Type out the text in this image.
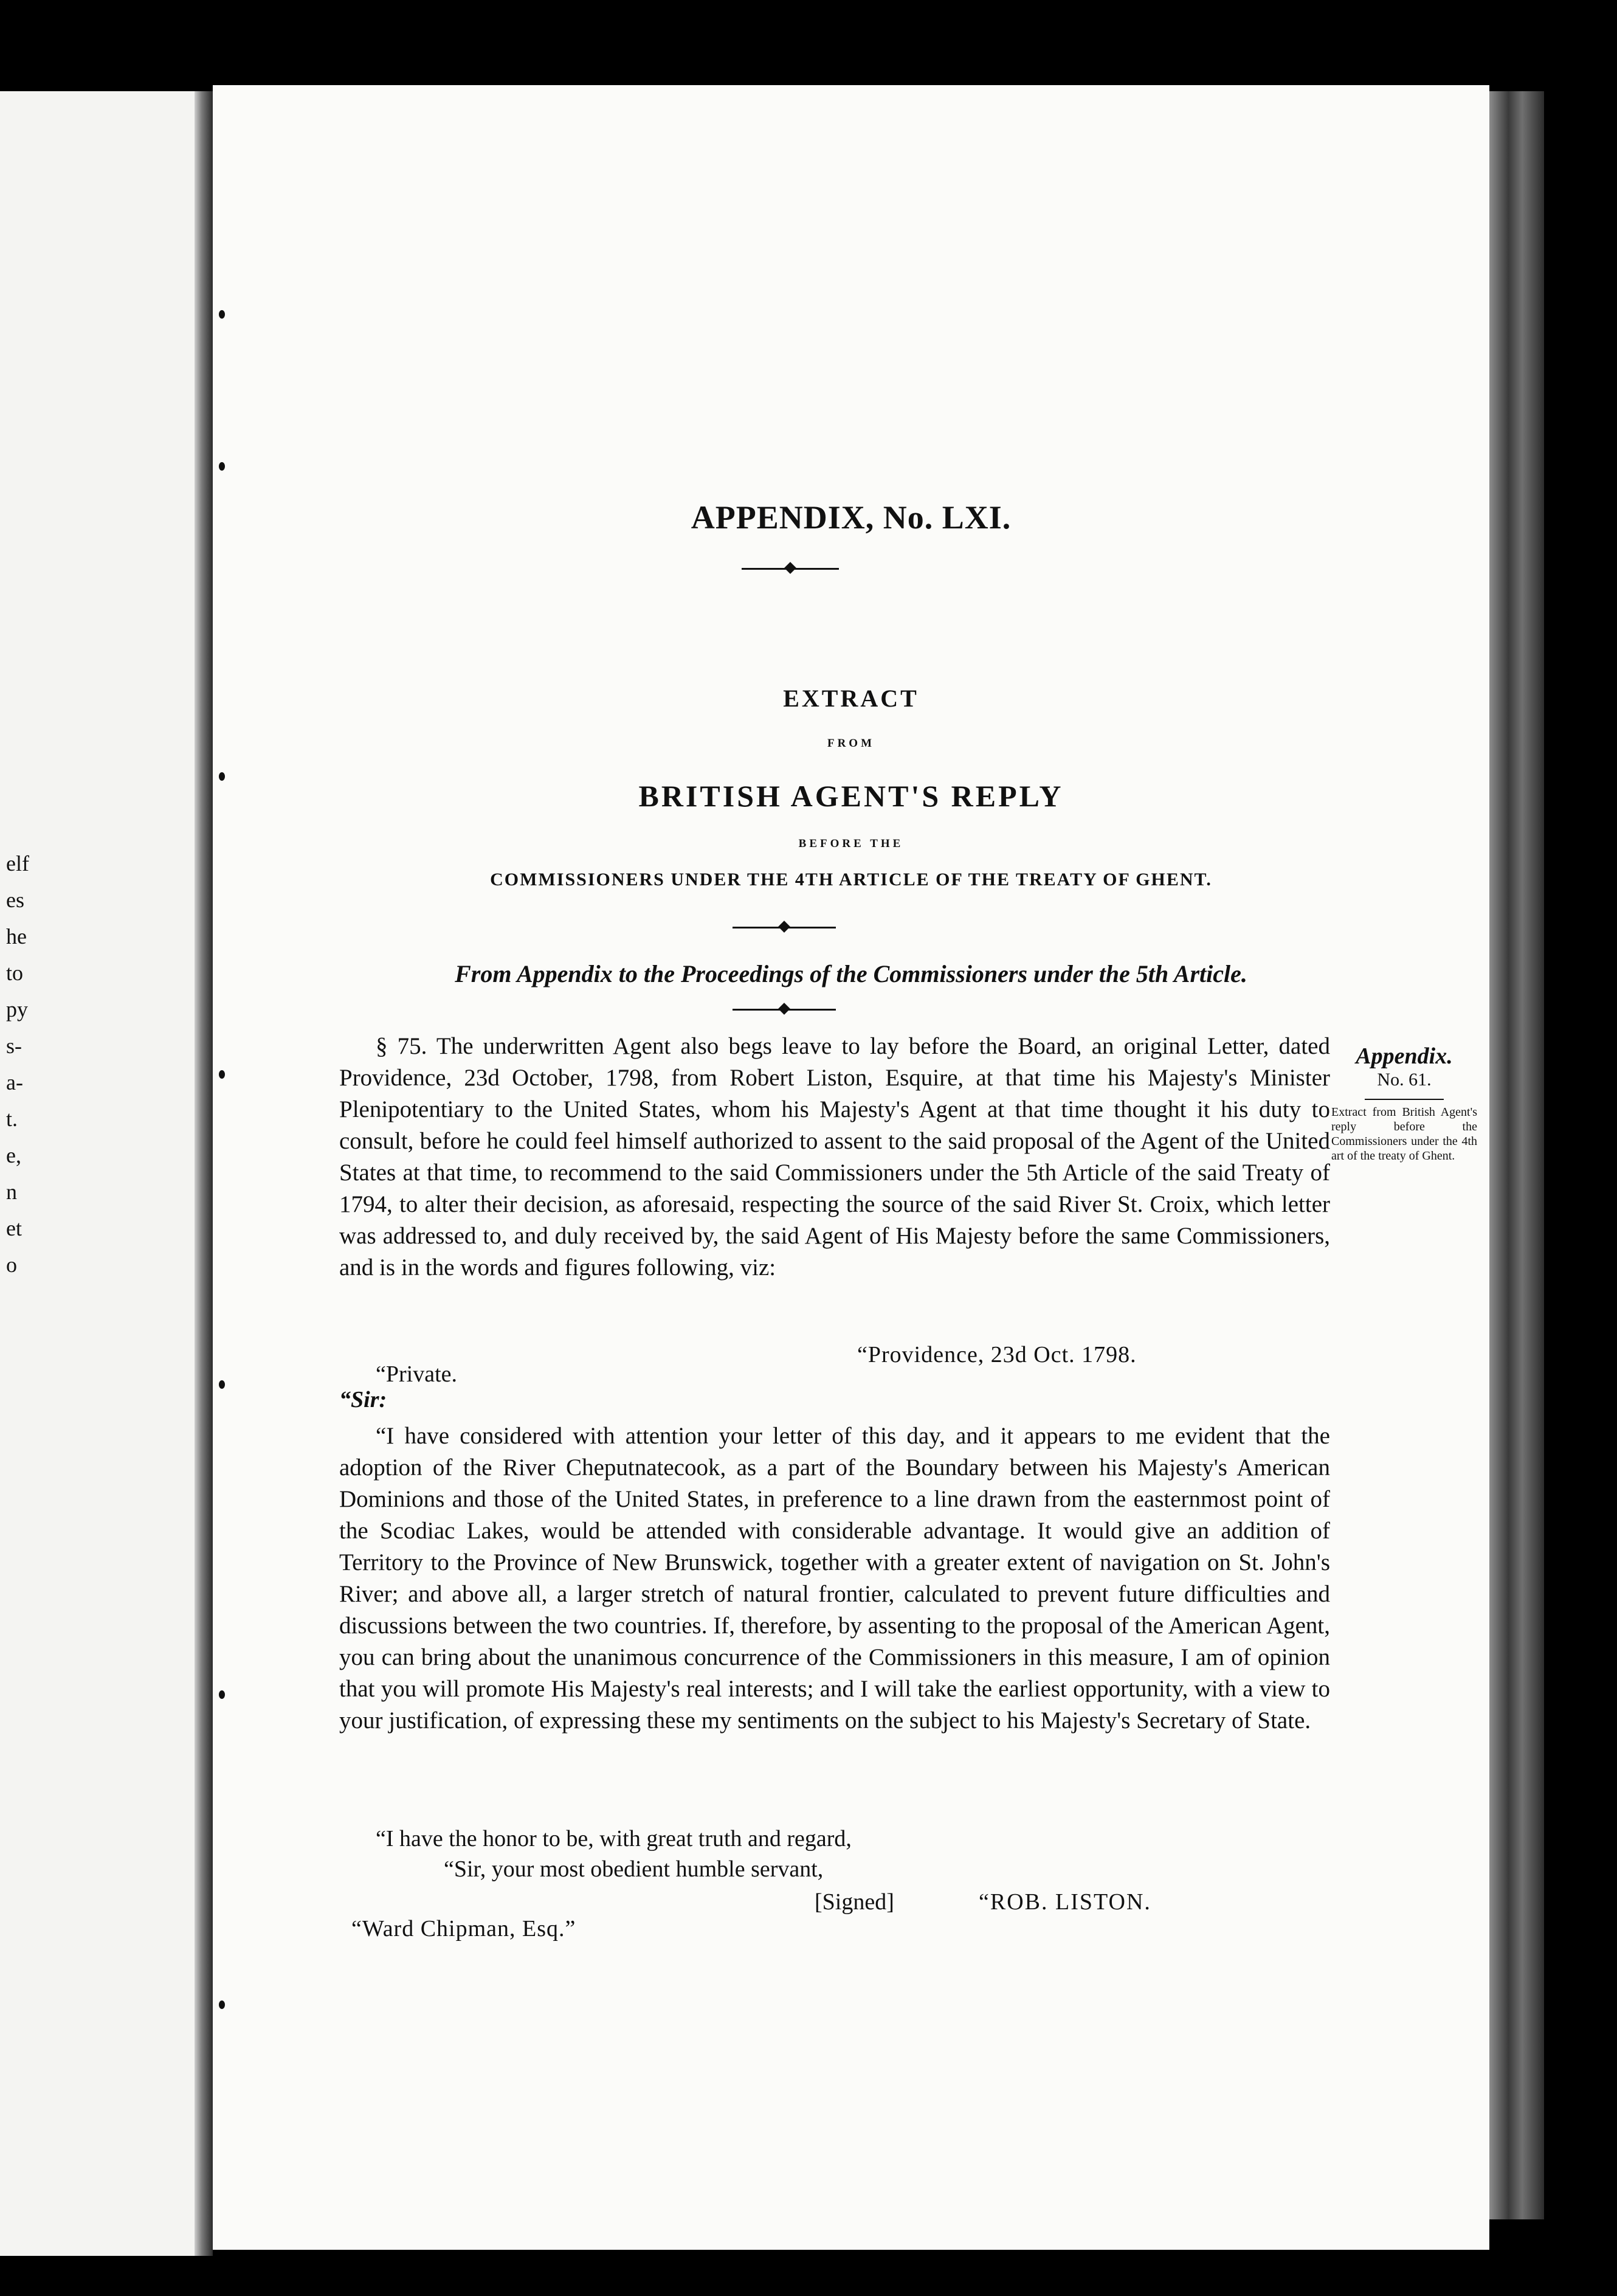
elf
es
he
to
py
s-
a-
t.
e,
n
et
o
APPENDIX, No. LXI.
EXTRACT
FROM
BRITISH AGENT'S REPLY
BEFORE THE
COMMISSIONERS UNDER THE 4TH ARTICLE OF THE TREATY OF GHENT.
From Appendix to the Proceedings of the Commissioners under the 5th Article.
§ 75. The underwritten Agent also begs leave to lay before the Board, an original Letter, dated Providence, 23d October, 1798, from Robert Liston, Esquire, at that time his Majesty's Minister Plenipotentiary to the United States, whom his Majesty's Agent at that time thought it his duty to consult, before he could feel himself authorized to assent to the said proposal of the Agent of the United States at that time, to recommend to the said Commissioners under the 5th Article of the said Treaty of 1794, to alter their decision, as aforesaid, respecting the source of the said River St. Croix, which letter was addressed to, and duly received by, the said Agent of His Majesty before the same Commissioners, and is in the words and figures following, viz:
Appendix.
No. 61.
Extract from British Agent's reply before the Commissioners under the 4th art of the treaty of Ghent.
“Providence, 23d Oct. 1798.
“Private.
“Sir:
“I have considered with attention your letter of this day, and it appears to me evident that the adoption of the River Cheputnatecook, as a part of the Boundary between his Majesty's American Dominions and those of the United States, in preference to a line drawn from the easternmost point of the Scodiac Lakes, would be attended with considerable advantage. It would give an addition of Territory to the Province of New Brunswick, together with a greater extent of navigation on St. John's River; and above all, a larger stretch of natural frontier, calculated to prevent future difficulties and discussions between the two countries. If, therefore, by assenting to the proposal of the American Agent, you can bring about the unanimous concurrence of the Commissioners in this measure, I am of opinion that you will promote His Majesty's real interests; and I will take the earliest opportunity, with a view to your justification, of expressing these my sentiments on the subject to his Majesty's Secretary of State.
“I have the honor to be, with great truth and regard,
“Sir, your most obedient humble servant,
[Signed]	“ROB. LISTON.
“Ward Chipman, Esq.”
